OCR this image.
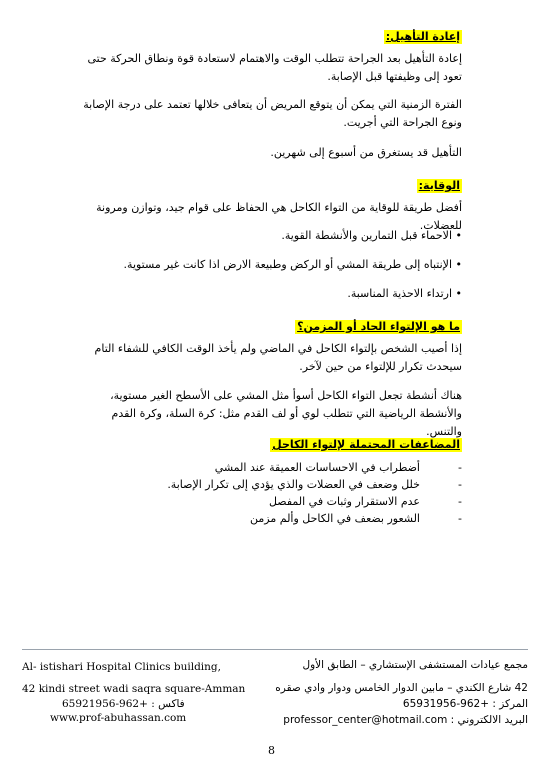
إعادة التأهيل:
إعادة التأهيل بعد الجراحة تتطلب الوقت والاهتمام لاستعادة قوة ونطاق الحركة حتى تعود إلى وظيفتها قبل الإصابة.
الفترة الزمنية التي يمكن أن يتوقع المريض أن يتعافى خلالها تعتمد على درجة الإصابة ونوع الجراحة التي أجريت.
التأهيل قد يستغرق من أسبوع إلى شهرين.
الوقاية:
أفضل طريقة للوقاية من التواء الكاحل هي الحفاظ على قوام جيد، وتوازن ومرونة للعضلات.
• الاحماء قبل التمارين والأنشطة القوية.
• الإنتباه إلى طريقة المشي أو الركض وطبيعة الارض اذا كانت غير مستوية.
• ارتداء الاحذية المناسبة.
ما هو الإلتواء الحاد أو المزمن؟
إذا أصيب الشخص بإلتواء الكاحل في الماضي ولم يأخذ الوقت الكافي للشفاء التام سيحدث تكرار للإلتواء من حين لآخر.
هناك أنشطة تجعل التواء الكاحل أسوأ مثل المشي على الأسطح الغير مستوية، والأنشطة الرياضية التي تتطلب لوي أو لف القدم مثل: كرة السلة، وكرة القدم والتنس.
المضاعفات المحتملة لإلتواء الكاحل
-
أضطراب في الاحساسات العميقة عند المشي
-
خلل وضعف في العضلات والذي يؤدي إلى تكرار الإصابة.
-
عدم الاستقرار وثبات في المفصل
-
الشعور بضعف في الكاحل وألم مزمن
Al- istishari Hospital Clinics building,
42 kindi street wadi saqra square-Amman
فاكس : +962-65921956
www.prof-abuhassan.com
مجمع عيادات المستشفى الإستشاري – الطابق الأول
42 شارع الكندي – مابين الدوار الخامس ودوار وادي صقره
المركز : +962-65931956
البريد الالكتروني : professor_center@hotmail.com
8
